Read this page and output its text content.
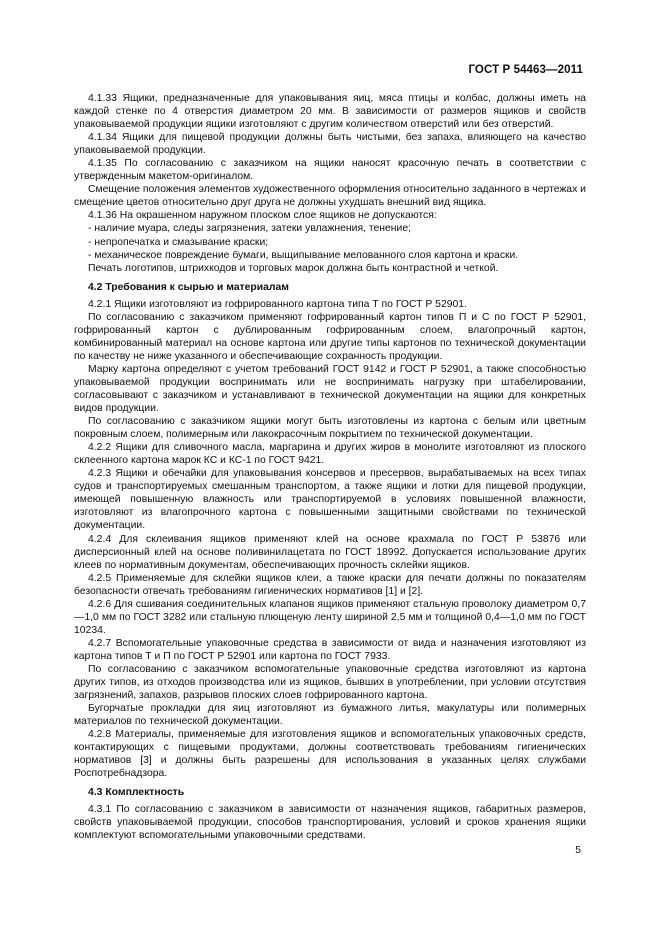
ГОСТ Р 54463—2011

4.1.33 Ящики, предназначенные для упаковывания яиц, мяса птицы и колбас, должны иметь на каждой стенке по 4 отверстия диаметром 20 мм. В зависимости от размеров ящиков и свойств упаковываемой продукции ящики изготовляют с другим количеством отверстий или без отверстий.

4.1.34 Ящики для пищевой продукции должны быть чистыми, без запаха, влияющего на качество упаковываемой продукции.

4.1.35 По согласованию с заказчиком на ящики наносят красочную печать в соответствии с утвержденным макетом-оригиналом.

Смещение положения элементов художественного оформления относительно заданного в чертежах и смещение цветов относительно друг друга не должны ухудшать внешний вид ящика.

4.1.36 На окрашенном наружном плоском слое ящиков не допускаются:

- наличие муара, следы загрязнения, затеки увлажнения, тенение;
- непропечатка и смазывание краски;
- механическое повреждение бумаги, выщипывание мелованного слоя картона и краски.

Печать логотипов, штрихкодов и торговых марок должна быть контрастной и четкой.

4.2 Требования к сырью и материалам

4.2.1 Ящики изготовляют из гофрированного картона типа Т по ГОСТ Р 52901.

По согласованию с заказчиком применяют гофрированный картон типов П и С по ГОСТ Р 52901, гофрированный картон с дублированным гофрированным слоем, влагопрочный картон, комбинированный материал на основе картона или другие типы картонов по технической документации по качеству не ниже указанного и обеспечивающие сохранность продукции.

Марку картона определяют с учетом требований ГОСТ 9142 и ГОСТ Р 52901, а также способностью упаковываемой продукции воспринимать или не воспринимать нагрузку при штабелировании, согласовывают с заказчиком и устанавливают в технической документации на ящики для конкретных видов продукции.

По согласованию с заказчиком ящики могут быть изготовлены из картона с белым или цветным покровным слоем, полимерным или лакокрасочным покрытием по технической документации.

4.2.2 Ящики для сливочного масла, маргарина и других жиров в монолите изготовляют из плоского склеенного картона марок КС и КС-1 по ГОСТ 9421.

4.2.3 Ящики и обечайки для упаковывания консервов и пресервов, вырабатываемых на всех типах судов и транспортируемых смешанным транспортом, а также ящики и лотки для пищевой продукции, имеющей повышенную влажность или транспортируемой в условиях повышенной влажности, изготовляют из влагопрочного картона с повышенными защитными свойствами по технической документации.

4.2.4 Для склеивания ящиков применяют клей на основе крахмала по ГОСТ Р 53876 или дисперсионный клей на основе поливинилацетата по ГОСТ 18992. Допускается использование других клеев по нормативным документам, обеспечивающих прочность склейки ящиков.

4.2.5 Применяемые для склейки ящиков клеи, а также краски для печати должны по показателям безопасности отвечать требованиям гигиенических нормативов [1] и [2].

4.2.6 Для сшивания соединительных клапанов ящиков применяют стальную проволоку диаметром 0,7—1,0 мм по ГОСТ 3282 или стальную плющеную ленту шириной 2,5 мм и толщиной 0,4—1,0 мм по ГОСТ 10234.

4.2.7 Вспомогательные упаковочные средства в зависимости от вида и назначения изготовляют из картона типов Т и П по ГОСТ Р 52901 или картона по ГОСТ 7933.

По согласованию с заказчиком вспомогательные упаковочные средства изготовляют из картона других типов, из отходов производства или из ящиков, бывших в употреблении, при условии отсутствия загрязнений, запахов, разрывов плоских слоев гофрированного картона.

Бугорчатые прокладки для яиц изготовляют из бумажного литья, макулатуры или полимерных материалов по технической документации.

4.2.8 Материалы, применяемые для изготовления ящиков и вспомогательных упаковочных средств, контактирующих с пищевыми продуктами, должны соответствовать требованиям гигиенических нормативов [3] и должны быть разрешены для использования в указанных целях службами Роспотребнадзора.

4.3 Комплектность

4.3.1 По согласованию с заказчиком в зависимости от назначения ящиков, габаритных размеров, свойств упаковываемой продукции, способов транспортирования, условий и сроков хранения ящики комплектуют вспомогательными упаковочными средствами.

5
